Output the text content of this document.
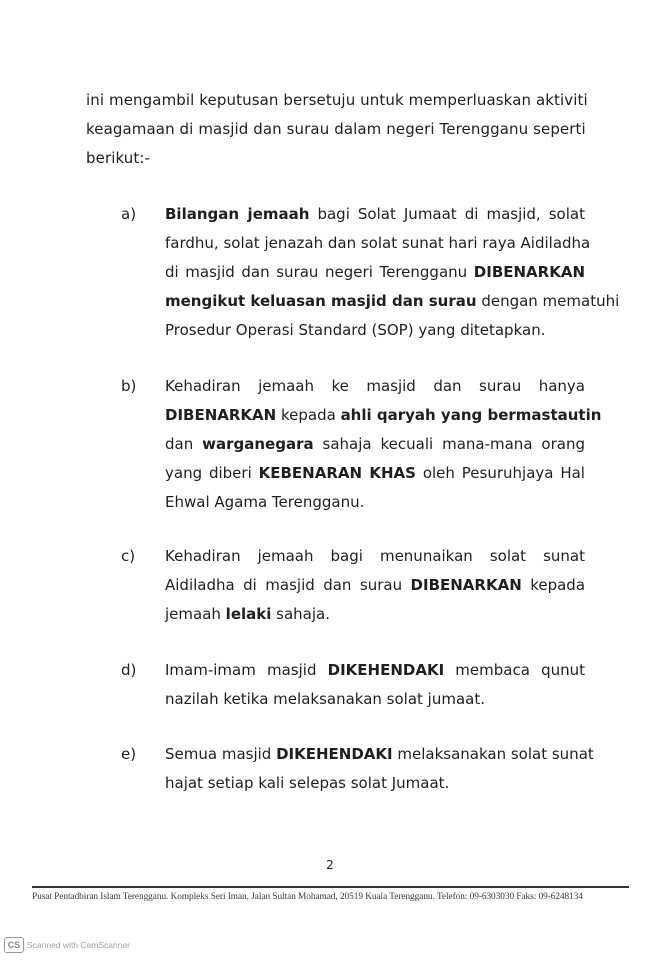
ini mengambil keputusan bersetuju untuk memperluaskan aktiviti
keagamaan di masjid dan surau dalam negeri Terengganu seperti
berikut:-
a) Bilangan jemaah bagi Solat Jumaat di masjid, solat
fardhu, solat jenazah dan solat sunat hari raya Aidiladha
di masjid dan surau negeri Terengganu DIBENARKAN
mengikut keluasan masjid dan surau dengan mematuhi
Prosedur Operasi Standard (SOP) yang ditetapkan.
b) Kehadiran   jemaah   ke   masjid   dan   surau   hanya
DIBENARKAN kepada ahli qaryah yang bermastautin
dan warganegara sahaja kecuali mana-mana orang
yang diberi KEBENARAN KHAS oleh Pesuruhjaya Hal
Ehwal Agama Terengganu.
c) Kehadiran   jemaah   bagi   menunaikan   solat   sunat
Aidiladha di masjid dan surau DIBENARKAN kepada
jemaah lelaki sahaja.
d) Imam-imam  masjid  DIKEHENDAKI  membaca  qunut
nazilah ketika melaksanakan solat jumaat.
e) Semua masjid DIKEHENDAKI melaksanakan solat sunat
hajat setiap kali selepas solat Jumaat.
2
Pusat Pentadbiran Islam Terengganu. Kompleks Seri Iman, Jalan Sultan Mohamad, 20519 Kuala Terengganu. Telefon: 09-6303030 Faks: 09-6248134
CS Scanned with CamScanner
